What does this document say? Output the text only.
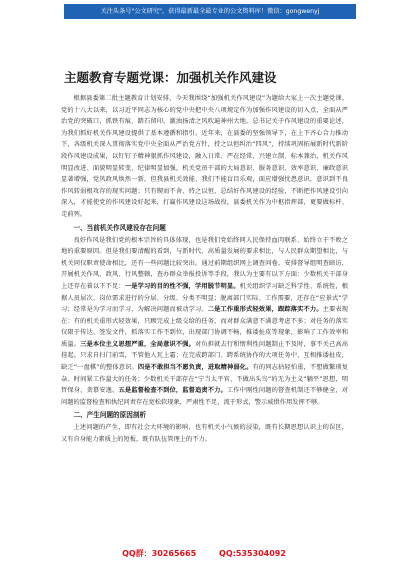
关注头条号"公文研究"，获得最新最全最专业的公文资料库！微信：gongwenyj
主题教育专题党课：加强机关作风建设

根据县委第二批主题教育计划安排，今天我围绕“加强机关作风建设”为题给大家上一次主题党课。党的十八大以来，以习近平同志为核心的党中央把中央八项规定作为加强作风建设的切入点，全面从严治党的突破口，抓铁有痕、踏石留印，激浊扬清之风吹遍神州大地。总书记关于作风建设的重要论述，为我们抓好机关作风建设提供了基本遵循和指引。近年来，在县委的坚强领导下，在上下齐心合力推动下，各级机关深入贯彻落实党中央全面从严治党方针，持之以恒纠治“四风”，持续巩固拓展新时代新阶段作风建设成果，以钉钉子精神狠抓作风建设，融入日常、严在经常，兴建立制、标本兼治，机关作风明显改进、面貌明显转变、纪律明显加强，机关党员干部的大局意识、服务意识、效率意识、廉政意识显著增强，党风政风焕然一新，但我县机关效能、我们不能盲目乐观，面应增强忧患意识，意识到不良作风转弱根攻存的现实问题；只有锲而不舍、持之以恒，总结好作风建设的经验，不断把作风建设引向深入，才能使党的作风建设好起来，打赢作风建设这场战役，县委机关作为中枢指挥部，更要做标杆、走前列。

一、当前机关作风建设存在问题

良好作风是我们党的根本宗旨的具体体现，也是我们党始终同人民保持血肉联系、始终立于不败之地的重要原因。但是我们要清醒的看到，与新时代、高质量发展的要求相比，与人民群众期望相比，与机关同仅职责使命相比，还有一些问题比较突出。通过前期组织网上调查问卷，安排督导组明查暗访，开展机关作风、政风、行风整顿，查办群众举报投诉等手段，我认为主要有以下方面：少数机关干部身上还存在着以下不足：一是学习的目的性不强，学用脱节明显。机关组织学习缺乏科学性、系统性，根据人员层次、岗位需求进行的分层、分级、分类不明显；脱离部门实际、工作需要，还存在“应景式”学习；经常是为学习而学习，为解决问题而被动学习。二是工作重形式轻效果，跟踪落实不力。主要表现在：有的机关重形式轻效果，只顾完成上级交给的任务，而对群众满意不满意考虑不多；对任务的落实仅限于传达、签发文件，抓落实工作不到位，出现部门协调不畅，推诿扯皮等现象，影响了工作效率和质量。三是本位主义思想严重，全局意识不强。对负担就去行和惰利性问题制止不及时，事不关己高高挂起。只求自扫门前雪，不管他人瓦上霜；在完成跨部门、跨系统协作的大项任务中，互相推诿扯皮，缺乏“一盘棋”的整体意识。四是不敢担当不愿负责，进取精神弱化。有的同志拈轻怕重，不想做繁琐复杂、时间紧工作量大的任务；少数机关干部存在“宁当太平官、不做出头鸟”的无为主义“躺平”思想，明哲保身，贪慕安逸。五是监督检查不到位，监督追责不力。工作中刚性问题的督查机制还不够健全，对问题的监督检查和执纪问责存在宽松软现象，严肃性不足，流于形式，警示威慑作用发挥不够。

二、产生问题的原因剖析

上述问题的产生，即有社会大环境的影响，也有机关小气候的浸染，既有长期思想认识上的误区，又有自身能力素质上的短板，既有队伍管理上的不力。

QQ群：30265665	QQ:535304092
